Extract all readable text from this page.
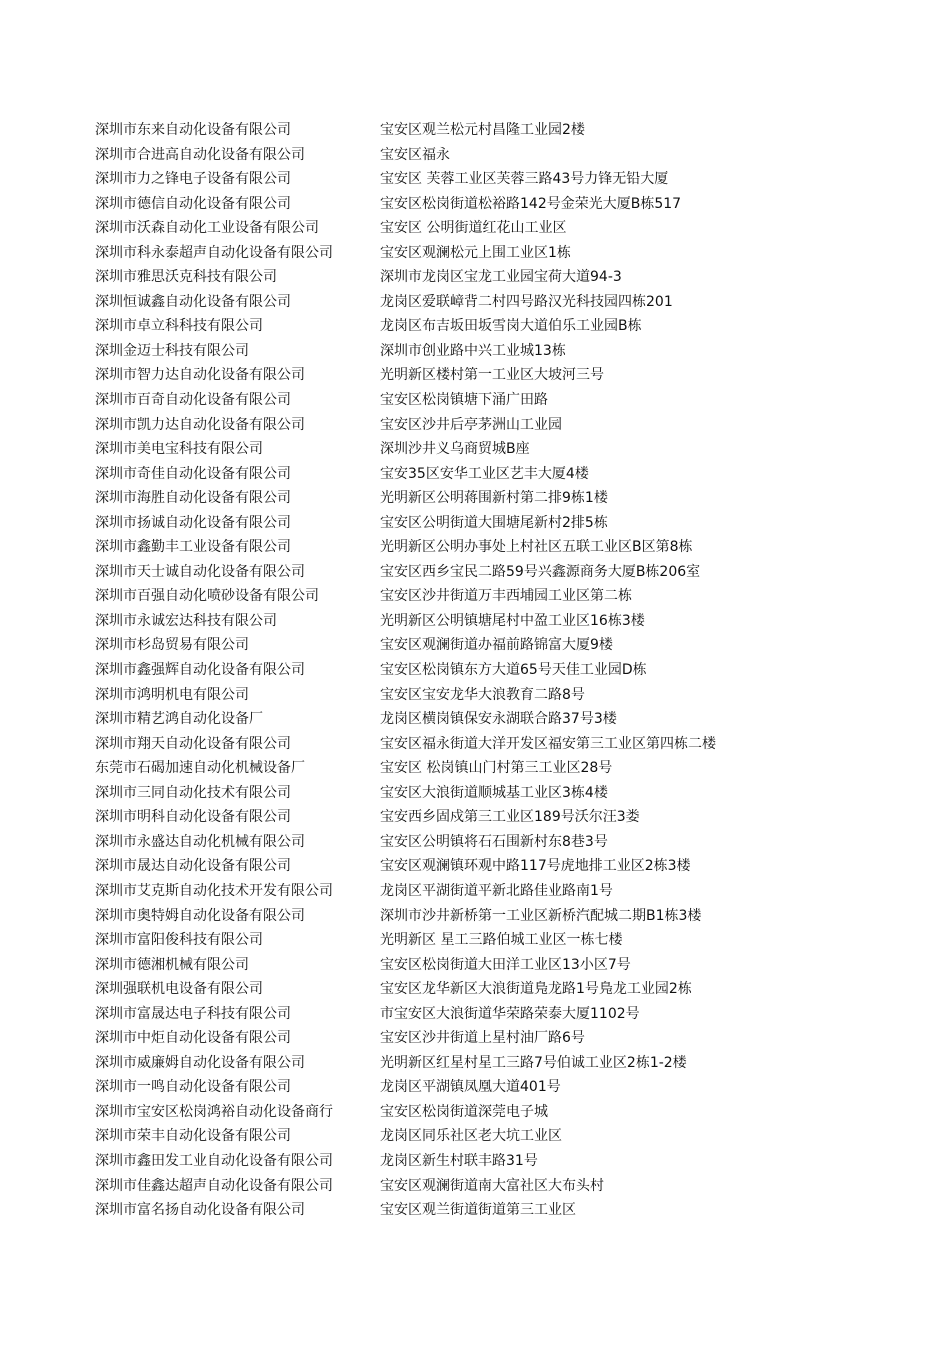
深圳市东来自动化设备有限公司	宝安区观兰松元村昌隆工业园2楼
深圳市合进高自动化设备有限公司	宝安区福永
深圳市力之锋电子设备有限公司	宝安区 芙蓉工业区芙蓉三路43号力锋无铅大厦
深圳市德信自动化设备有限公司	宝安区松岗街道松裕路142号金荣光大厦B栋517
深圳市沃森自动化工业设备有限公司	宝安区 公明街道红花山工业区
深圳市科永泰超声自动化设备有限公司	宝安区观澜松元上围工业区1栋
深圳市雅思沃克科技有限公司	深圳市龙岗区宝龙工业园宝荷大道94-3
深圳恒诚鑫自动化设备有限公司	龙岗区爱联嶂背二村四号路汉光科技园四栋201
深圳市卓立科科技有限公司	龙岗区布吉坂田坂雪岗大道伯乐工业园B栋
深圳金迈士科技有限公司	深圳市创业路中兴工业城13栋
深圳市智力达自动化设备有限公司	光明新区楼村第一工业区大坡河三号
深圳市百奇自动化设备有限公司	宝安区松岗镇塘下涌广田路
深圳市凯力达自动化设备有限公司	宝安区沙井后亭茅洲山工业园
深圳市美电宝科技有限公司	深圳沙井义乌商贸城B座
深圳市奇佳自动化设备有限公司	宝安35区安华工业区艺丰大厦4楼
深圳市海胜自动化设备有限公司	光明新区公明蒋围新村第二排9栋1楼
深圳市扬诚自动化设备有限公司	宝安区公明街道大围塘尾新村2排5栋
深圳市鑫勤丰工业设备有限公司	光明新区公明办事处上村社区五联工业区B区第8栋
深圳市天士诚自动化设备有限公司	宝安区西乡宝民二路59号兴鑫源商务大厦B栋206室
深圳市百强自动化喷砂设备有限公司	宝安区沙井街道万丰西埔园工业区第二栋
深圳市永诚宏达科技有限公司	光明新区公明镇塘尾村中盈工业区16栋3楼
深圳市杉岛贸易有限公司	宝安区观澜街道办福前路锦富大厦9楼
深圳市鑫强辉自动化设备有限公司	宝安区松岗镇东方大道65号天佳工业园D栋
深圳市鸿明机电有限公司	宝安区宝安龙华大浪教育二路8号
深圳市精艺鸿自动化设备厂	龙岗区横岗镇保安永湖联合路37号3楼
深圳市翔天自动化设备有限公司	宝安区福永街道大洋开发区福安第三工业区第四栋二楼
东莞市石碣加速自动化机械设备厂	宝安区 松岗镇山门村第三工业区28号
深圳市三同自动化技术有限公司	宝安区大浪街道顺城基工业区3栋4楼
深圳市明科自动化设备有限公司	宝安西乡固戍第三工业区189号沃尔汪3娄
深圳市永盛达自动化机械有限公司	宝安区公明镇将石石围新村东8巷3号
深圳市晟达自动化设备有限公司	宝安区观澜镇环观中路117号虎地排工业区2栋3楼
深圳市艾克斯自动化技术开发有限公司	龙岗区平湖街道平新北路佳业路南1号
深圳市奥特姆自动化设备有限公司	深圳市沙井新桥第一工业区新桥汽配城二期B1栋3楼
深圳市富阳俊科技有限公司	光明新区 星工三路伯城工业区一栋七楼
深圳市德湘机械有限公司	宝安区松岗街道大田洋工业区13小区7号
深圳强联机电设备有限公司	宝安区龙华新区大浪街道鳬龙路1号鳬龙工业园2栋
深圳市富晟达电子科技有限公司	市宝安区大浪街道华荣路荣泰大厦1102号
深圳市中炬自动化设备有限公司	宝安区沙井街道上星村油厂路6号
深圳市威廉姆自动化设备有限公司	光明新区红星村星工三路7号伯诚工业区2栋1-2楼
深圳市一鸣自动化设备有限公司	龙岗区平湖镇凤凰大道401号
深圳市宝安区松岗鸿裕自动化设备商行	宝安区松岗街道深莞电子城
深圳市荣丰自动化设备有限公司	龙岗区同乐社区老大坑工业区
深圳市鑫田发工业自动化设备有限公司	龙岗区新生村联丰路31号
深圳市佳鑫达超声自动化设备有限公司	宝安区观澜街道南大富社区大布头村
深圳市富名扬自动化设备有限公司	宝安区观兰街道街道第三工业区
